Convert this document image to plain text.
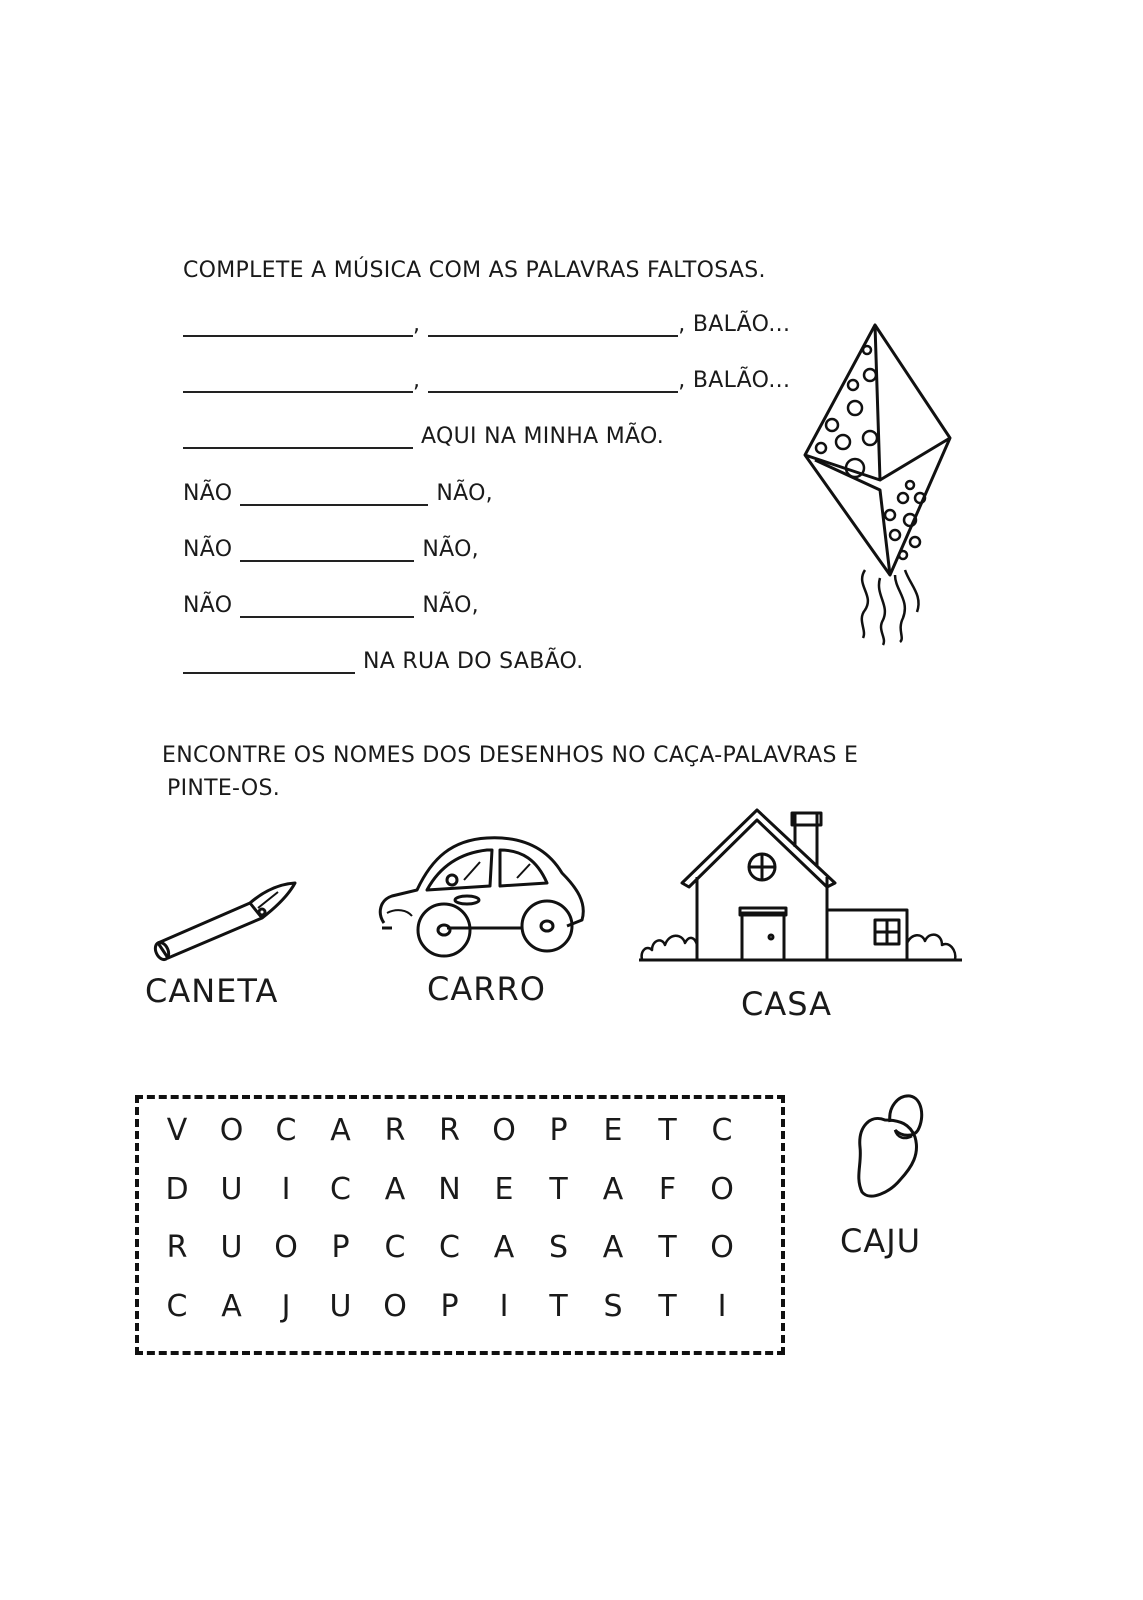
COMPLETE A MÚSICA COM AS PALAVRAS FALTOSAS.
,	, BALÃO...
,	, BALÃO...
AQUI NA MINHA MÃO.
NÃO	NÃO,
NÃO	NÃO,
NÃO	NÃO,
NA RUA DO SABÃO.
ENCONTRE OS NOMES DOS DESENHOS NO CAÇA-PALAVRAS E
PINTE-OS.
CANETA	CARRO	CASA
V	O	C	A	R	R	O	P	E	T	C
D	U	I	C	A	N	E	T	A	F	O
R	U	O	P	C	C	A	S	A	T	O
C	A	J	U	O	P	I	T	S	T	I
CAJU
